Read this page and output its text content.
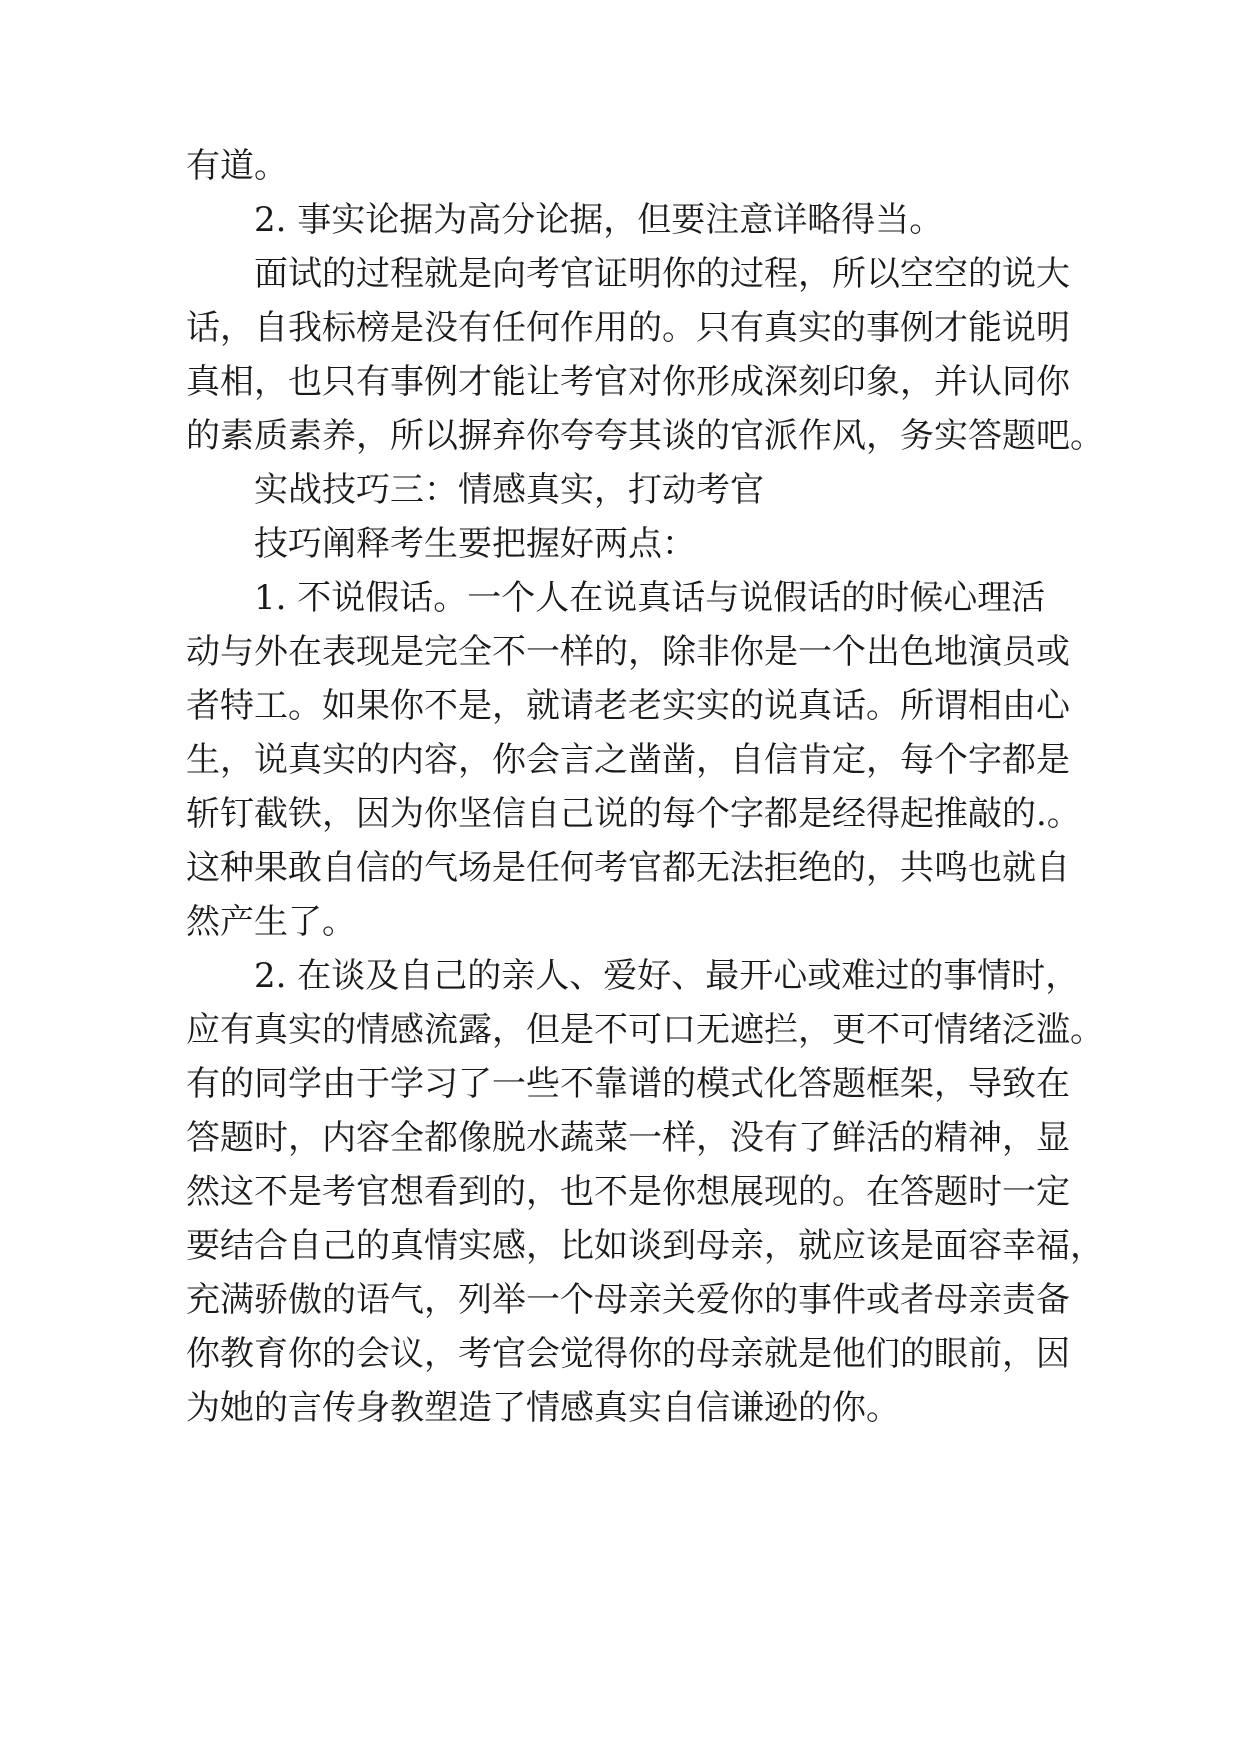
有道。
2. 事实论据为高分论据，但要注意详略得当。
面试的过程就是向考官证明你的过程，所以空空的说大
话，自我标榜是没有任何作用的。只有真实的事例才能说明
真相，也只有事例才能让考官对你形成深刻印象，并认同你
的素质素养，所以摒弃你夸夸其谈的官派作风，务实答题吧。
实战技巧三：情感真实，打动考官
技巧阐释考生要把握好两点：
1. 不说假话。一个人在说真话与说假话的时候心理活
动与外在表现是完全不一样的，除非你是一个出色地演员或
者特工。如果你不是，就请老老实实的说真话。所谓相由心
生，说真实的内容，你会言之凿凿，自信肯定，每个字都是
斩钉截铁，因为你坚信自己说的每个字都是经得起推敲的.。
这种果敢自信的气场是任何考官都无法拒绝的，共鸣也就自
然产生了。
2. 在谈及自己的亲人、爱好、最开心或难过的事情时，
应有真实的情感流露，但是不可口无遮拦，更不可情绪泛滥。
有的同学由于学习了一些不靠谱的模式化答题框架，导致在
答题时，内容全都像脱水蔬菜一样，没有了鲜活的精神，显
然这不是考官想看到的，也不是你想展现的。在答题时一定
要结合自己的真情实感，比如谈到母亲，就应该是面容幸福，
充满骄傲的语气，列举一个母亲关爱你的事件或者母亲责备
你教育你的会议，考官会觉得你的母亲就是他们的眼前，因
为她的言传身教塑造了情感真实自信谦逊的你。
